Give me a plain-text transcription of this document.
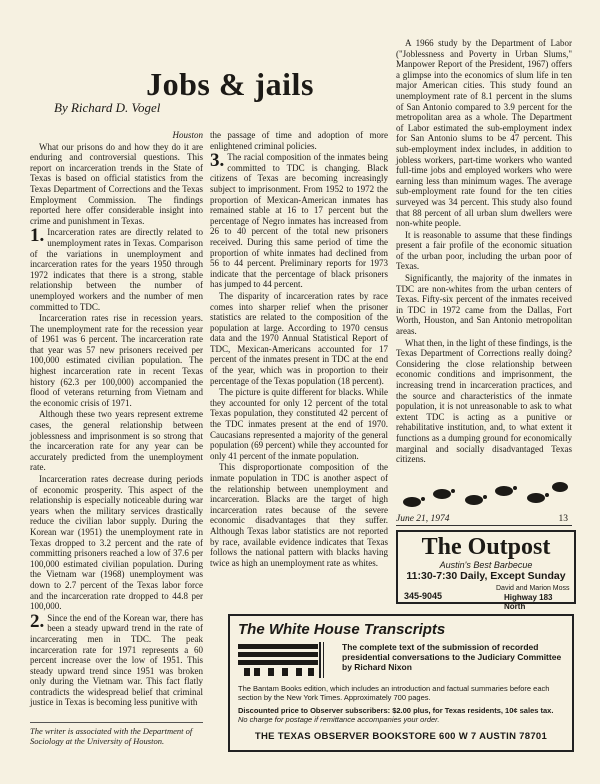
Jobs & jails
By Richard D. Vogel
Houston

What our prisons do and how they do it are enduring and controversial questions. This report on incarceration trends in the State of Texas is based on official statistics from the Texas Department of Corrections and the Texas Employment Commission. The findings reported here offer considerable insight into crime and punishment in Texas.

1. Incarceration rates are directly related to unemployment rates in Texas. Comparison of the variations in unemployment and incarceration rates for the years 1950 through 1972 indicates that there is a strong, stable relationship between the number of unemployed workers and the number of men committed to TDC.

Incarceration rates rise in recession years. The unemployment rate for the recession year of 1961 was 6 percent. The incarceration rate that year was 57 new prisoners received per 100,000 estimated civilian population. The highest incarceration rate in recent Texas history (62.3 per 100,000) accompanied the flood of veterans returning from Vietnam and the economic crisis of 1971.

Although these two years represent extreme cases, the general relationship between joblessness and imprisonment is so strong that the incarceration rate for any year can be accurately predicted from the unemployment rate.

Incarceration rates decrease during periods of economic prosperity. This aspect of the relationship is especially noticeable during war years when the military services drastically reduce the civilian labor supply. During the Korean war (1951) the unemployment rate in Texas dropped to 3.2 percent and the rate of committing prisoners reached a low of 37.6 per 100,000 estimated civilian population. During the Vietnam war (1968) unemployment was down to 2.7 percent of the Texas labor force and the incarceration rate dropped to 44.8 per 100,000.

2. Since the end of the Korean war, there has been a steady upward trend in the rate of incarcerating men in TDC. The peak incarceration rate for 1971 represents a 60 percent increase over the low of 1951. This steady upward trend since 1951 was broken only during the Vietnam war. This fact flatly contradicts the widespread belief that criminal justice in Texas is becoming less punitive with

The writer is associated with the Department of Sociology at the University of Houston.

the passage of time and adoption of more enlightened criminal policies.

3. The racial composition of the inmates being committed to TDC is changing. Black citizens of Texas are becoming increasingly subject to imprisonment. From 1952 to 1972 the proportion of Mexican-American inmates has remained stable at 16 to 17 percent but the percentage of Negro inmates has increased from 26 to 40 percent of the total new prisoners received. During this same period of time the proportion of white inmates had declined from 56 to 44 percent. Preliminary reports for 1973 indicate that the percentage of black prisoners has jumped to 44 percent.

The disparity of incarceration rates by race comes into sharper relief when the prisoner statistics are related to the composition of the population at large. According to 1970 census data and the 1970 Annual Statistical Report of TDC, Mexican-Americans accounted for 17 percent of the inmates present in TDC at the end of the year, which was in proportion to their percentage of the Texas population (18 percent).

The picture is quite different for blacks. While they accounted for only 12 percent of the total Texas population, they constituted 42 percent of the TDC inmates present at the end of 1970. Caucasians represented a majority of the general population (69 percent) while they accounted for only 41 percent of the inmate population.

This disproportionate composition of the inmate population in TDC is another aspect of the relationship between unemployment and incarceration. Blacks are the target of high incarceration rates because of the severe economic disadvantages that they suffer. Although Texas labor statistics are not reported by race, available evidence indicates that Texas follows the national pattern with blacks having twice as high an unemployment rate as whites.

A 1966 study by the Department of Labor ("Joblessness and Poverty in Urban Slums," Manpower Report of the President, 1967) offers a glimpse into the economics of slum life in ten major American cities. This study found an unemployment rate of 8.1 percent in the slums of San Antonio compared to 3.9 percent for the metropolitan area as a whole. The Department of Labor estimated the sub-employment index for San Antonio slums to be 47 percent. This sub-employment index includes, in addition to jobless workers, part-time workers who wanted full-time jobs and employed workers who were earning less than minimum wages. The average sub-employment rate found for the ten cities surveyed was 34 percent. This study also found that 88 percent of all urban slum dwellers were non-white people.

It is reasonable to assume that these findings present a fair profile of the economic situation of the urban poor, including the urban poor of Texas.

Significantly, the majority of the inmates in TDC are non-whites from the urban centers of Texas. Fifty-six percent of the inmates received in TDC in 1972 came from the Dallas, Fort Worth, Houston, and San Antonio metropolitan areas.

What then, in the light of these findings, is the Texas Department of Corrections really doing? Considering the close relationship between economic conditions and imprisonment, the increasing trend in incarceration practices, and the source and characteristics of the inmate population, it is not unreasonable to ask to what extent TDC is acting as a punitive or rehabilitative institution, and, to what extent it functions as a dumping ground for economically marginal and socially disadvantaged Texas citizens.

June 21, 1974	13
The Outpost
Austin's Best Barbecue
11:30-7:30 Daily, Except Sunday
David and Marion Moss
345-9045	Highway 183 North
The White House Transcripts
The complete text of the submission of recorded presidential conversations to the Judiciary Committee by Richard Nixon
The Bantam Books edition, which includes an introduction and factual summaries before each section by the New York Times. Approximately 700 pages.
Discounted price to Observer subscribers: $2.00 plus, for Texas residents, 10¢ sales tax. No charge for postage if remittance accompanies your order.
THE TEXAS OBSERVER BOOKSTORE 600 W 7 AUSTIN 78701
